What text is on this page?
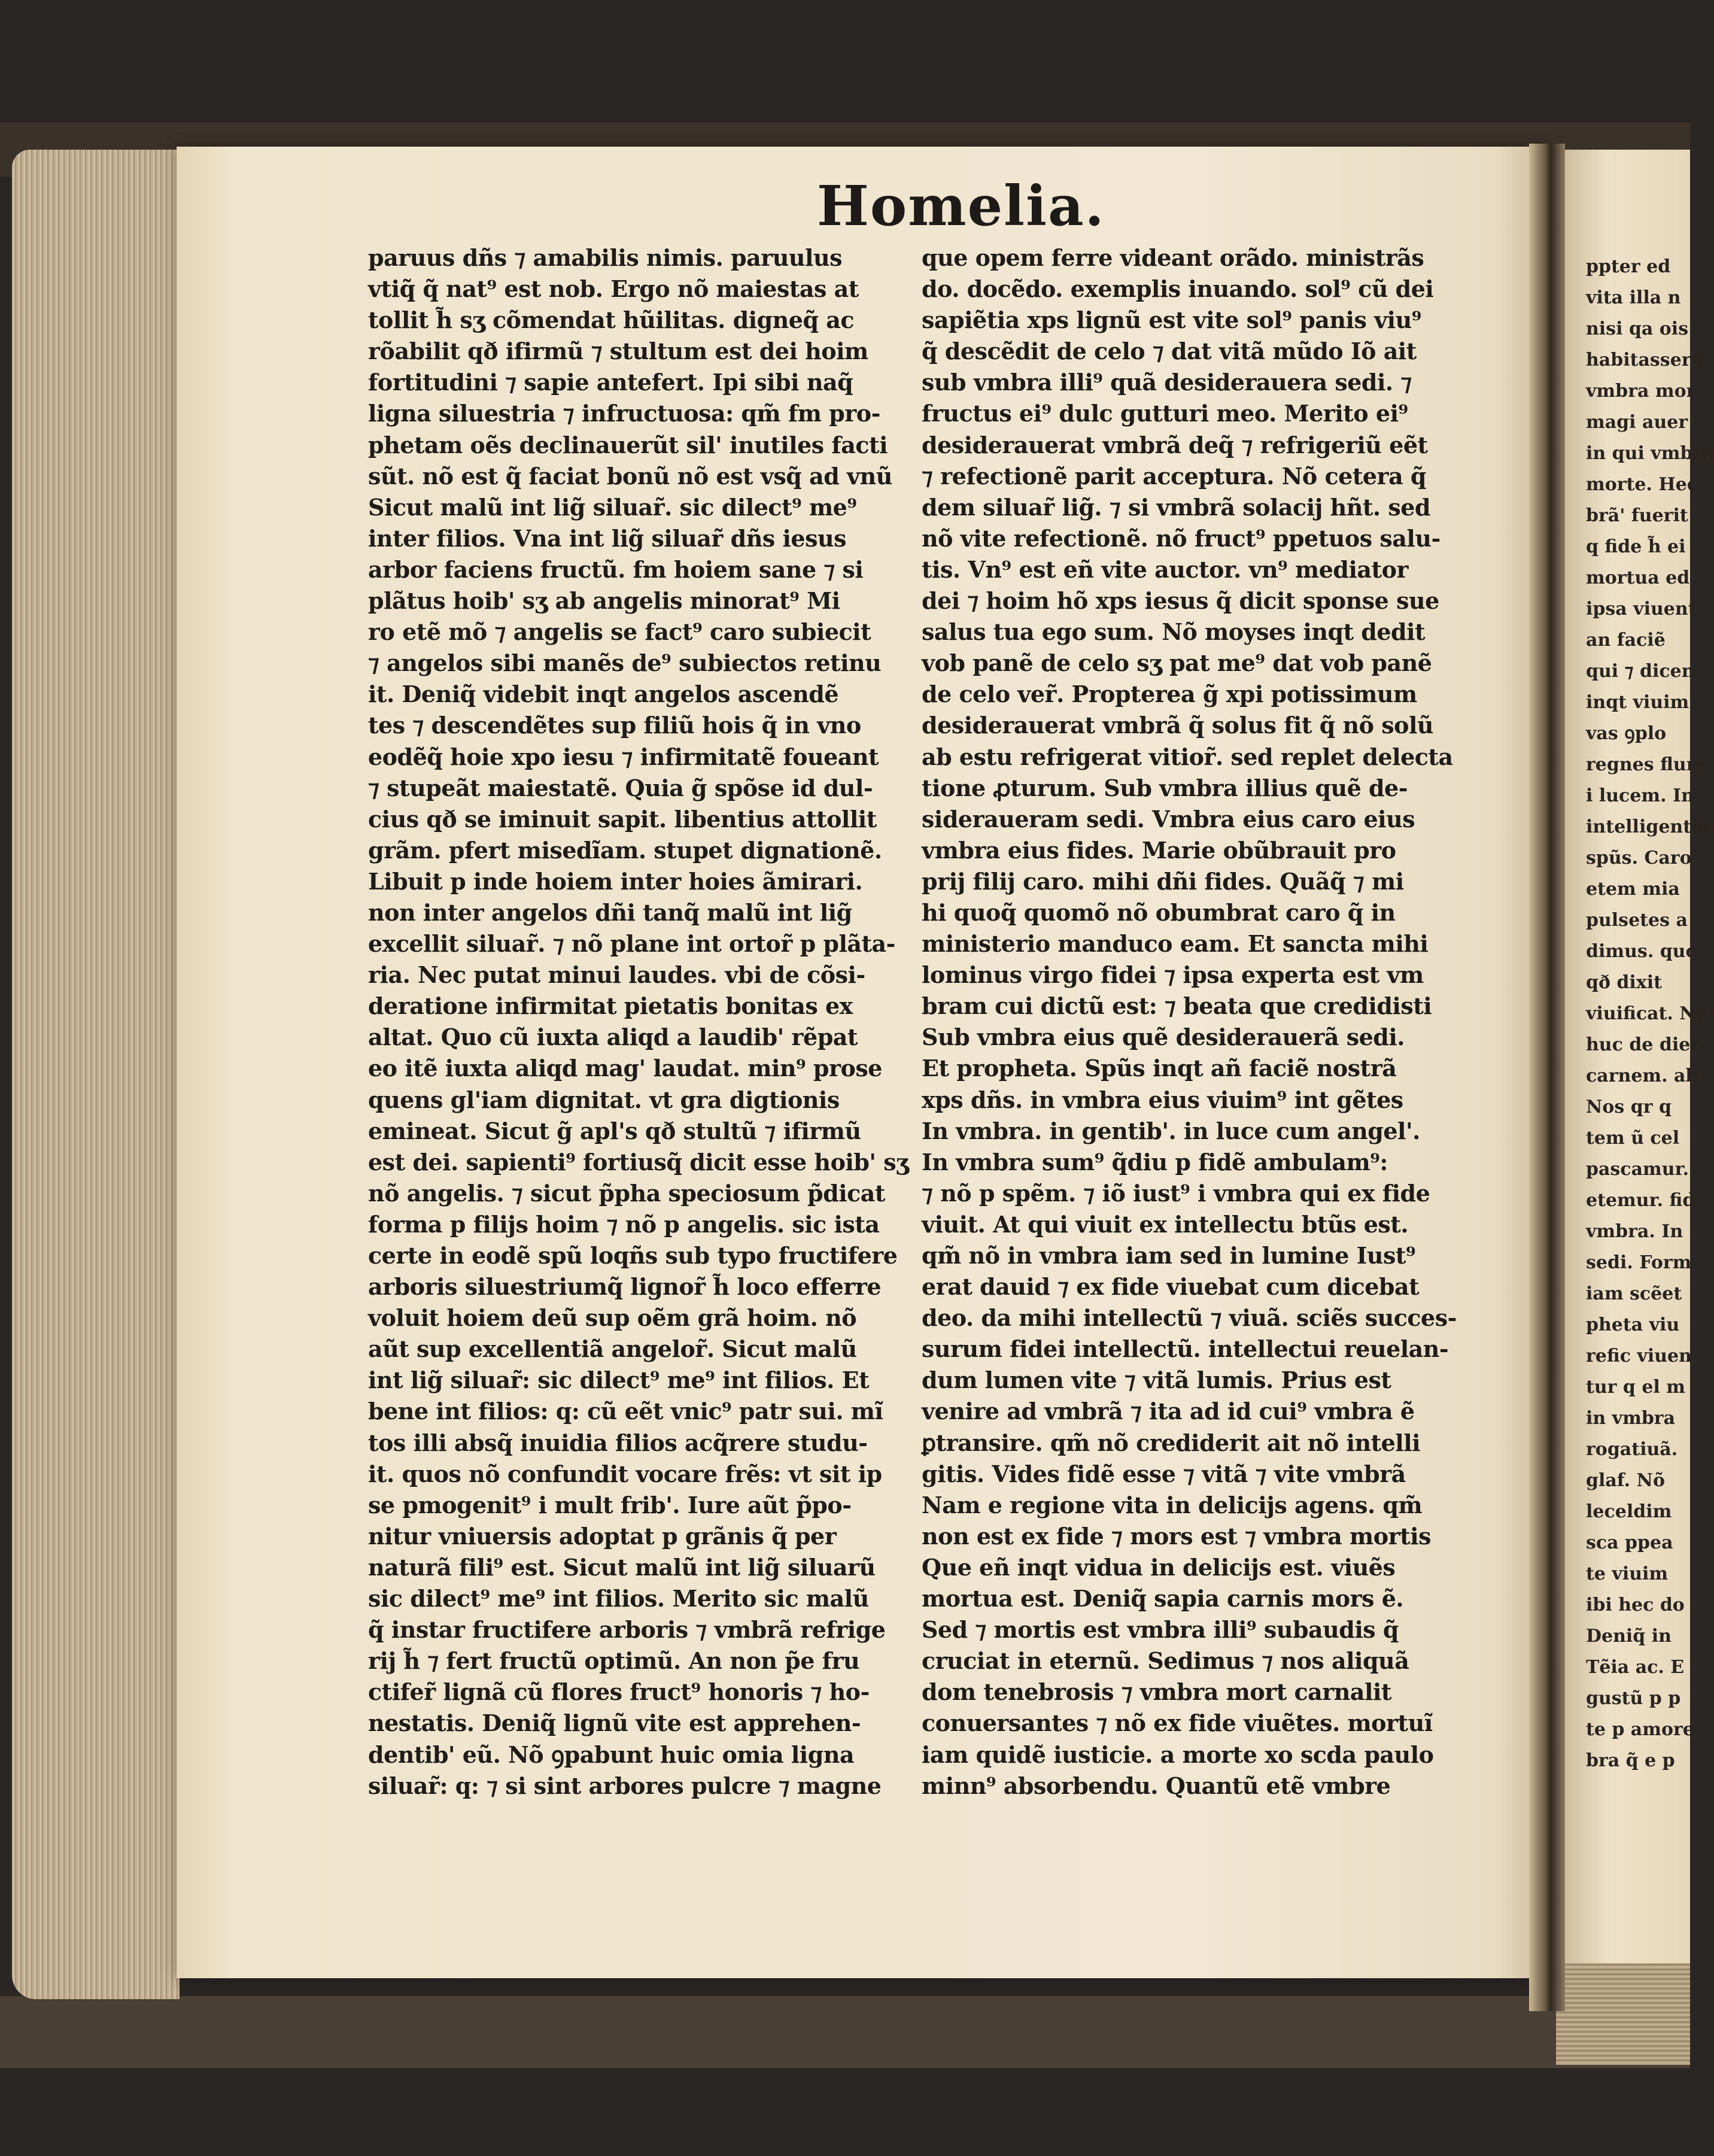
Homelia.
paruus dñs ⁊ amabilis nimis. paruulus
vtiq̃ q̃ nat⁹ est nob. Ergo nõ maiestas at
tollit h̃ sʒ cõmendat hũilitas. digneq̃ ac
rõabilit qð ifirmũ ⁊ stultum est dei hoim
fortitudini ⁊ sapie antefert. Ipi sibi naq̃
ligna siluestria ⁊ infructuosa: qm̃ fm pro-
phetam oẽs declinauerũt sil' inutiles facti
sũt. nõ est q̃ faciat bonũ nõ est vsq̃ ad vnũ
Sicut malũ int lig̃ siluar̃. sic dilect⁹ me⁹
inter filios. Vna int lig̃ siluar̃ dñs iesus
arbor faciens fructũ. fm hoiem sane ⁊ si
plãtus hoib' sʒ ab angelis minorat⁹ Mi
ro etẽ mõ ⁊ angelis se fact⁹ caro subiecit
⁊ angelos sibi manẽs de⁹ subiectos retinu
it. Deniq̃ videbit inqt angelos ascendẽ
tes ⁊ descendẽtes sup filiũ hois q̃ in vno
eodẽq̃ hoie xpo iesu ⁊ infirmitatẽ foueant
⁊ stupeãt maiestatẽ. Quia g̃ spõse id dul-
cius qð se iminuit sapit. libentius attollit
grãm. pfert misedĩam. stupet dignationẽ.
Libuit p inde hoiem inter hoies ãmirari.
non inter angelos dñi tanq̃ malũ int lig̃
excellit siluar̃. ⁊ nõ plane int ortor̃ p plãta-
ria. Nec putat minui laudes. vbi de cõsi-
deratione infirmitat pietatis bonitas ex
altat. Quo cũ iuxta aliqd a laudib' rẽpat
eo itẽ iuxta aliqd mag' laudat. min⁹ prose
quens gl'iam dignitat. vt gra digtionis
emineat. Sicut g̃ apl's qð stultũ ⁊ ifirmũ
est dei. sapienti⁹ fortiusq̃ dicit esse hoib' sʒ
nõ angelis. ⁊ sicut p̃pha speciosum p̃dicat
forma p filijs hoim ⁊ nõ p angelis. sic ista
certe in eodẽ spũ loqñs sub typo fructifere
arboris siluestriumq̃ lignor̃ h̃ loco efferre
voluit hoiem deũ sup oẽm grã hoim. nõ
aũt sup excellentiã angelor̃. Sicut malũ
int lig̃ siluar̃: sic dilect⁹ me⁹ int filios. Et
bene int filios: q: cũ eẽt vnic⁹ patr sui. mĩ
tos illi absq̃ inuidia filios acq̃rere studu-
it. quos nõ confundit vocare frẽs: vt sit ip
se pmogenit⁹ i mult frib'. Iure aũt p̃po-
nitur vniuersis adoptat p grãnis q̃ per
naturã fili⁹ est. Sicut malũ int lig̃ siluarũ
sic dilect⁹ me⁹ int filios. Merito sic malũ
q̃ instar fructifere arboris ⁊ vmbrã refrige
rij h̃ ⁊ fert fructũ optimũ. An non p̃e fru
ctifer̃ lignã cũ flores fruct⁹ honoris ⁊ ho-
nestatis. Deniq̃ lignũ vite est apprehen-
dentib' eũ. Nõ ꝯpabunt huic omia ligna
siluar̃: q: ⁊ si sint arbores pulcre ⁊ magne
que opem ferre videant orãdo. ministrãs
do. docẽdo. exemplis inuando. sol⁹ cũ dei
sapiẽtia xps lignũ est vite sol⁹ panis viu⁹
q̃ descẽdit de celo ⁊ dat vitã mũdo Iõ ait
sub vmbra illi⁹ quã desiderauera sedi. ⁊
fructus ei⁹ dulc gutturi meo. Merito ei⁹
desiderauerat vmbrã deq̃ ⁊ refrigeriũ eẽt
⁊ refectionẽ parit acceptura. Nõ cetera q̃
dem siluar̃ lig̃. ⁊ si vmbrã solacij hñt. sed
nõ vite refectionẽ. nõ fruct⁹ ppetuos salu-
tis. Vn⁹ est eñ vite auctor. vn⁹ mediator
dei ⁊ hoim hõ xps iesus q̃ dicit sponse sue
salus tua ego sum. Nõ moyses inqt dedit
vob panẽ de celo sʒ pat me⁹ dat vob panẽ
de celo ver̃. Propterea g̃ xpi potissimum
desiderauerat vmbrã q̃ solus fit q̃ nõ solũ
ab estu refrigerat vitior̃. sed replet delecta
tione ꝓturum. Sub vmbra illius quẽ de-
sideraueram sedi. Vmbra eius caro eius
vmbra eius fides. Marie obũbrauit pro
prij filij caro. mihi dñi fides. Quãq̃ ⁊ mi
hi quoq̃ quomõ nõ obumbrat caro q̃ in
ministerio manduco eam. Et sancta mihi
lominus virgo fidei ⁊ ipsa experta est vm
bram cui dictũ est: ⁊ beata que credidisti
Sub vmbra eius quẽ desiderauerã sedi.
Et propheta. Spũs inqt añ faciẽ nostrã
xps dñs. in vmbra eius viuim⁹ int gẽtes
In vmbra. in gentib'. in luce cum angel'.
In vmbra sum⁹ q̃diu p fidẽ ambulam⁹:
⁊ nõ p spẽm. ⁊ iõ iust⁹ i vmbra qui ex fide
viuit. At qui viuit ex intellectu btũs est.
qm̃ nõ in vmbra iam sed in lumine Iust⁹
erat dauid ⁊ ex fide viuebat cum dicebat
deo. da mihi intellectũ ⁊ viuã. sciẽs succes-
surum fidei intellectũ. intellectui reuelan-
dum lumen vite ⁊ vitã lumis. Prius est
venire ad vmbrã ⁊ ita ad id cui⁹ vmbra ẽ
ꝑtransire. qm̃ nõ crediderit ait nõ intelli
gitis. Vides fidẽ esse ⁊ vitã ⁊ vite vmbrã
Nam e regione vita in delicijs agens. qm̃
non est ex fide ⁊ mors est ⁊ vmbra mortis
Que eñ inqt vidua in delicijs est. viuẽs
mortua est. Deniq̃ sapia carnis mors ẽ.
Sed ⁊ mortis est vmbra illi⁹ subaudis q̃
cruciat in eternũ. Sedimus ⁊ nos aliquã
dom tenebrosis ⁊ vmbra mort carnalit
conuersantes ⁊ nõ ex fide viuẽtes. mortuĩ
iam quidẽ iusticie. a morte xo scda paulo
minn⁹ absorbendu. Quantũ etẽ vmbre
ppter ed
vita illa n
nisi qa ois
habitasserit
vmbra mor
magi auer
in qui vmbra
morte. Hec
brã' fuerit
q fide h̃ ei
mortua ed
ipsa viuent
an faciẽ
qui ⁊ dicen
inqt viuim
vas ꝯplo
regnes flum
i lucem. In
intelligentia
spũs. Caro
etem mia
pulsetes a
dimus. quo
qð dixit
viuificat. Ne
huc de diec
carnem. ab
Nos qr q
tem ũ cel
pascamur.
etemur. fid
vmbra. In
sedi. Form
iam scẽet
pheta viu
refic viuen
tur q el m
in vmbra
rogatiuã.
glaf. Nõ
leceldim
sca ppea
te viuim
ibi hec do
Deniq̃ in
Tẽia ac. E
gustũ p p
te p amore
bra q̃ e p
